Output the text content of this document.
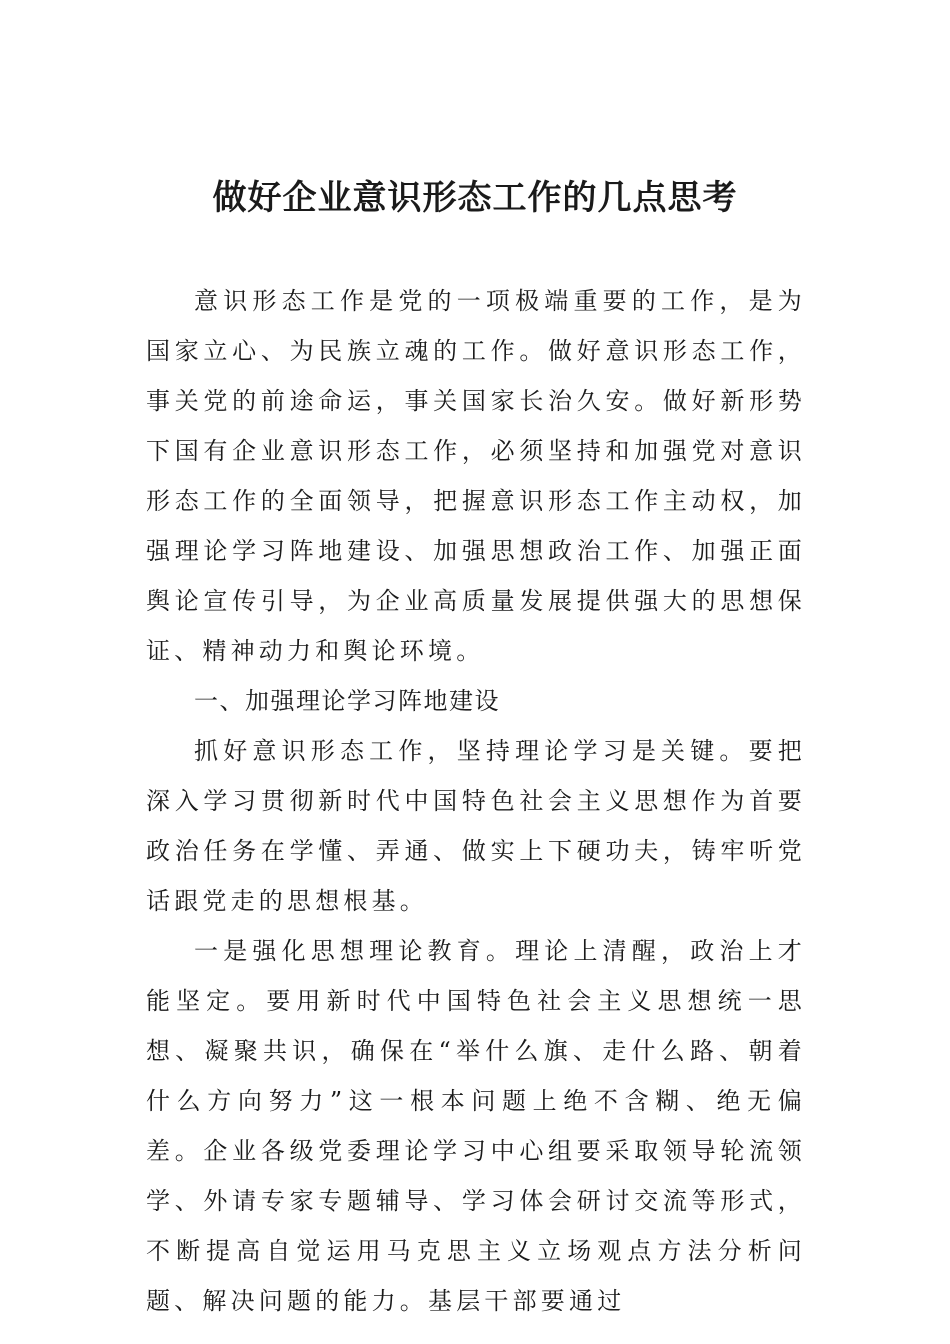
做好企业意识形态工作的几点思考

意识形态工作是党的一项极端重要的工作，是为国家立心、为民族立魂的工作。做好意识形态工作，事关党的前途命运，事关国家长治久安。做好新形势下国有企业意识形态工作，必须坚持和加强党对意识形态工作的全面领导，把握意识形态工作主动权，加强理论学习阵地建设、加强思想政治工作、加强正面舆论宣传引导，为企业高质量发展提供强大的思想保证、精神动力和舆论环境。

一、加强理论学习阵地建设

抓好意识形态工作，坚持理论学习是关键。要把深入学习贯彻新时代中国特色社会主义思想作为首要政治任务在学懂、弄通、做实上下硬功夫，铸牢听党话跟党走的思想根基。

一是强化思想理论教育。理论上清醒，政治上才能坚定。要用新时代中国特色社会主义思想统一思想、凝聚共识，确保在“举什么旗、走什么路、朝着什么方向努力”这一根本问题上绝不含糊、绝无偏差。企业各级党委理论学习中心组要采取领导轮流领学、外请专家专题辅导、学习体会研讨交流等形式，不断提高自觉运用马克思主义立场观点方法分析问题、解决问题的能力。基层干部要通过
